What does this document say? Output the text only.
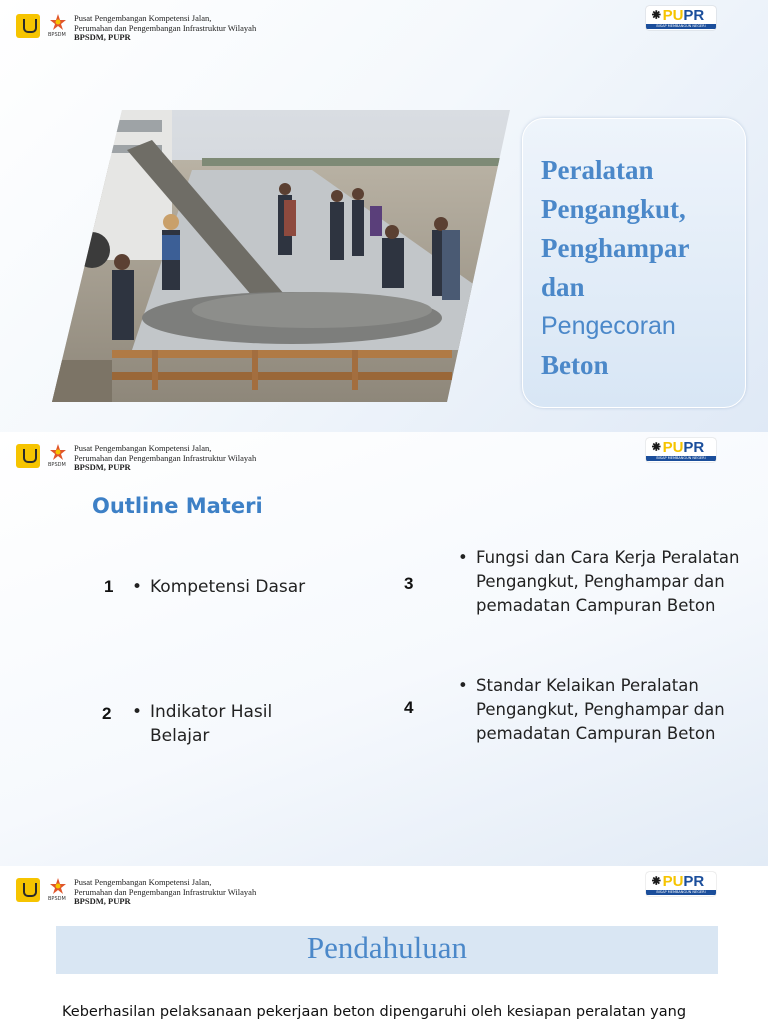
BPSDM
Pusat Pengembangan Kompetensi Jalan,
Perumahan dan Pengembangan Infrastruktur Wilayah
BPSDM, PUPR
⁕PUPR
BISAP MEMBANGUN NEGERI
Peralatan
Pengangkut,
Penghampar
dan
Pengecoran
Beton
BPSDM
Pusat Pengembangan Kompetensi Jalan,
Perumahan dan Pengembangan Infrastruktur Wilayah
BPSDM, PUPR
⁕PUPR
BISAP MEMBANGUN NEGERI
Outline Materi
1 • Kompetensi Dasar
2 • Indikator Hasil
Belajar
3
• Fungsi dan Cara Kerja Peralatan
Pengangkut, Penghampar dan
pemadatan Campuran Beton
4
• Standar Kelaikan Peralatan
Pengangkut, Penghampar dan
pemadatan Campuran Beton
BPSDM
Pusat Pengembangan Kompetensi Jalan,
Perumahan dan Pengembangan Infrastruktur Wilayah
BPSDM, PUPR
⁕PUPR
BISAP MEMBANGUN NEGERI
Pendahuluan
Keberhasilan pelaksanaan pekerjaan beton dipengaruhi oleh kesiapan peralatan yang
